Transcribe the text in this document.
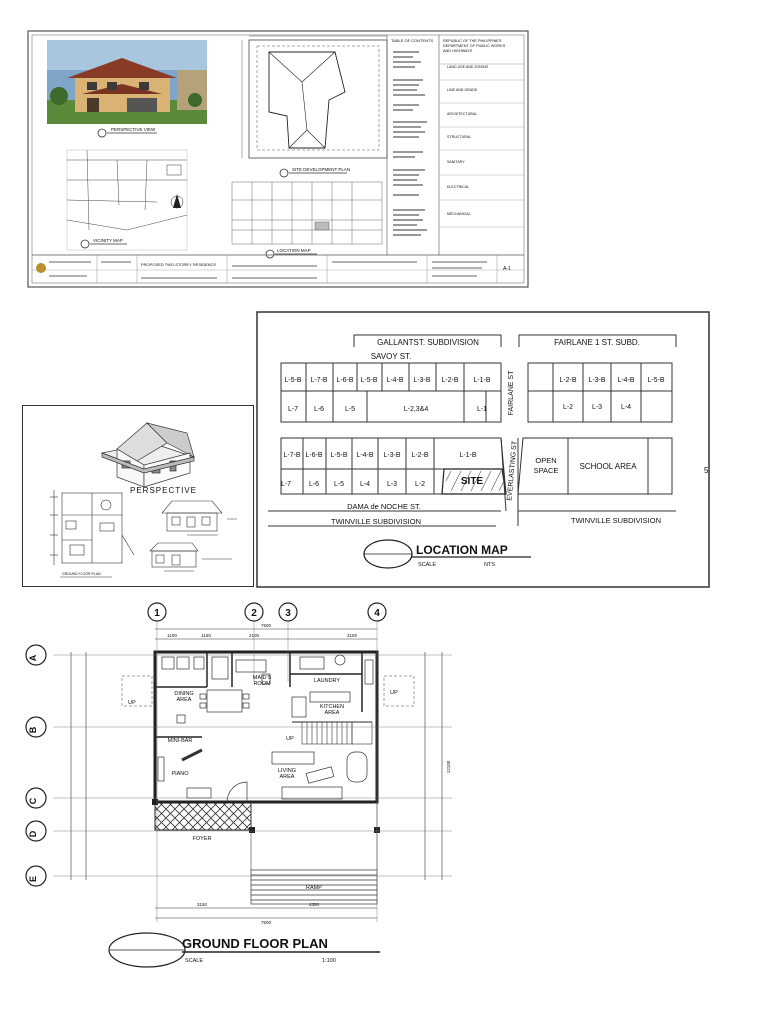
PERSPECTIVE VIEW
SITE DEVELOPMENT PLAN
VICINITY MAP
LOCATION MAP
TABLE OF CONTENTS	REPUBLIC OF THE PHILIPPINES
DEPARTMENT OF PUBLIC WORKS
AND HIGHWAYS
LAND USE AND ZONING
LINE AND GRADE
ARCHITECTURAL
STRUCTURAL
SANITARY
ELECTRICAL
MECHANICAL
PROPOSED TWO-STOREY RESIDENCE
A-1
PERSPECTIVE
GROUND FLOOR PLAN
GALLANTST. SUBDIVISION	FAIRLANE 1 ST. SUBD.
SAVOY ST.
FAIRLANE ST
EVERLASTING ST
DAMA de NOCHE ST.
TWINVILLE SUBDIVISION	TWINVILLE SUBDIVISION
L-5-B L-7-B L-6-B L-5-B L-4-B L-3-B L-2-B L-1-B
L-7 L-6	L-5	L-2,3&4	L-1
L-2-B L-3-B L-4-B L-5-B
L-2	L-3	L-4
L-7-B L-6-B L-5-B L-4-B L-3-B L-2-B	L-1-B
L-7	L-6 L-5 L-4 L-3	L-2	SITE
OPEN
SPACE	SCHOOL AREA
LOCATION MAP
SCALE	NTS
5
1	2	3	4
A
B
C
D
E
7500
1100	1150	2100	3150
3150	4350
7500
12100
MAID'S
ROOM	LAUNDRY
DINING
AREA
KITCHEN
AREA
MINI-BAR
PIANO	LIVING
AREA
FOYER
RAMP
UP
UP
UP
GROUND FLOOR PLAN
SCALE	1:100
